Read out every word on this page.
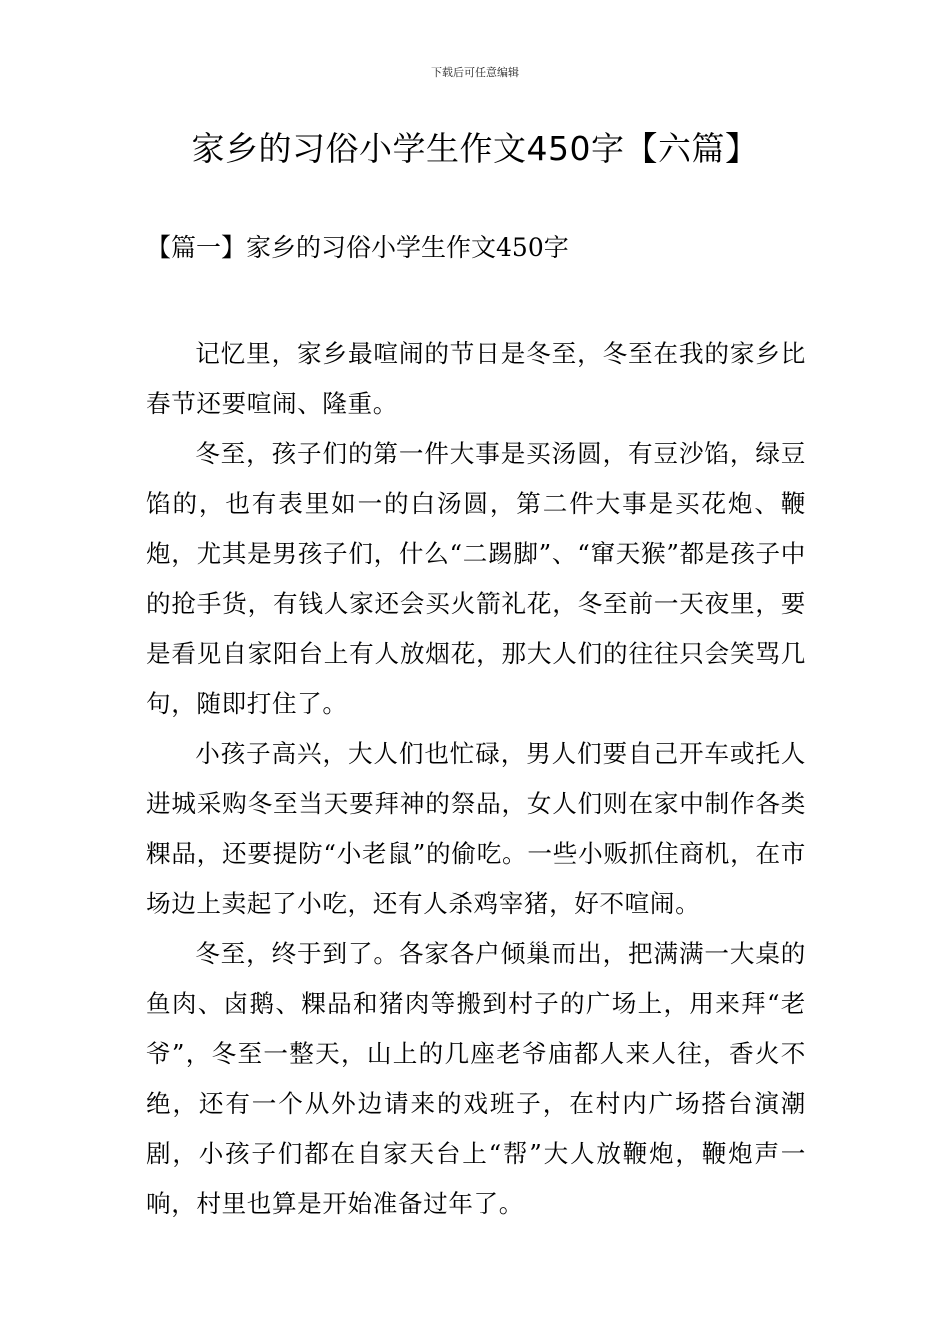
下载后可任意编辑
家乡的习俗小学生作文450字【六篇】
【篇一】家乡的习俗小学生作文450字

记忆里，家乡最喧闹的节日是冬至，冬至在我的家乡比春节还要喧闹、隆重。

冬至，孩子们的第一件大事是买汤圆，有豆沙馅，绿豆馅的，也有表里如一的白汤圆，第二件大事是买花炮、鞭炮，尤其是男孩子们，什么“二踢脚”、“窜天猴”都是孩子中的抢手货，有钱人家还会买火箭礼花，冬至前一天夜里，要是看见自家阳台上有人放烟花，那大人们的往往只会笑骂几句，随即打住了。

小孩子高兴，大人们也忙碌，男人们要自己开车或托人进城采购冬至当天要拜神的祭品，女人们则在家中制作各类粿品，还要提防“小老鼠”的偷吃。一些小贩抓住商机，在市场边上卖起了小吃，还有人杀鸡宰猪，好不喧闹。

冬至，终于到了。各家各户倾巢而出，把满满一大桌的鱼肉、卤鹅、粿品和猪肉等搬到村子的广场上，用来拜“老爷”，冬至一整天，山上的几座老爷庙都人来人往，香火不绝，还有一个从外边请来的戏班子，在村内广场搭台演潮剧，小孩子们都在自家天台上“帮”大人放鞭炮，鞭炮声一响，村里也算是开始准备过年了。
